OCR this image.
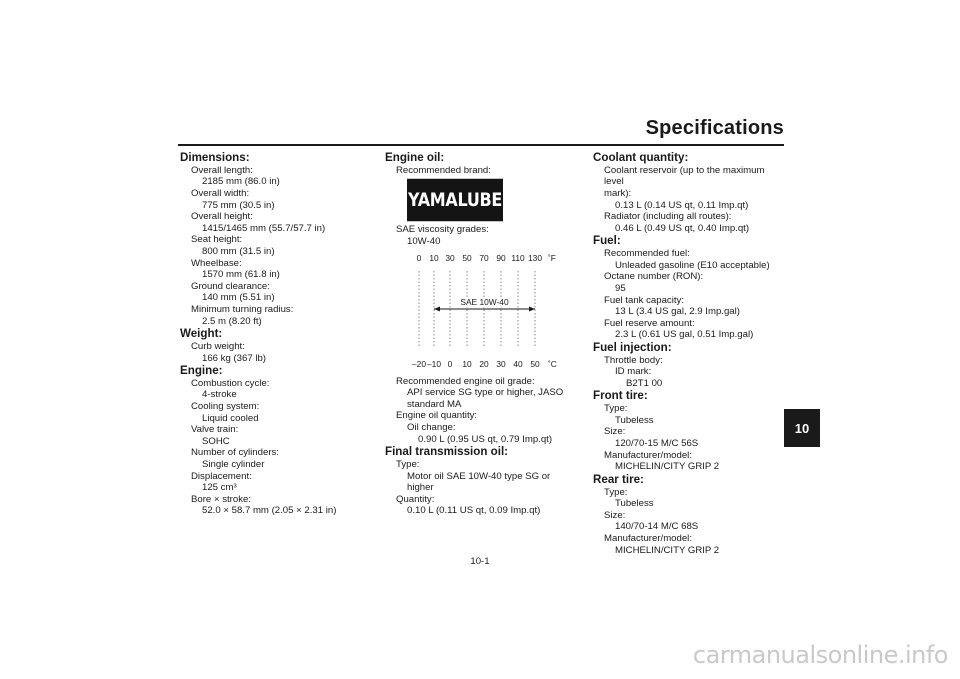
Specifications
10
Dimensions:
Overall length:
2185 mm (86.0 in)
Overall width:
775 mm (30.5 in)
Overall height:
1415/1465 mm (55.7/57.7 in)
Seat height:
800 mm (31.5 in)
Wheelbase:
1570 mm (61.8 in)
Ground clearance:
140 mm (5.51 in)
Minimum turning radius:
2.5 m (8.20 ft)
Weight:
Curb weight:
166 kg (367 lb)
Engine:
Combustion cycle:
4-stroke
Cooling system:
Liquid cooled
Valve train:
SOHC
Number of cylinders:
Single cylinder
Displacement:
125 cm³
Bore × stroke:
52.0 × 58.7 mm (2.05 × 2.31 in)
Engine oil:
Recommended brand:
YAMALUBE
SAE viscosity grades:
10W-40
0 10 30 50 70 90 110 130
–20 –10 0 10 20 30 40 50
˚F
˚C
SAE 10W-40
Recommended engine oil grade:
API service SG type or higher, JASO
standard MA
Engine oil quantity:
Oil change:
0.90 L (0.95 US qt, 0.79 Imp.qt)
Final transmission oil:
Type:
Motor oil SAE 10W-40 type SG or higher
Quantity:
0.10 L (0.11 US qt, 0.09 Imp.qt)
Coolant quantity:
Coolant reservoir (up to the maximum level
mark):
0.13 L (0.14 US qt, 0.11 Imp.qt)
Radiator (including all routes):
0.46 L (0.49 US qt, 0.40 Imp.qt)
Fuel:
Recommended fuel:
Unleaded gasoline (E10 acceptable)
Octane number (RON):
95
Fuel tank capacity:
13 L (3.4 US gal, 2.9 Imp.gal)
Fuel reserve amount:
2.3 L (0.61 US gal, 0.51 Imp.gal)
Fuel injection:
Throttle body:
ID mark:
B2T1 00
Front tire:
Type:
Tubeless
Size:
120/70-15 M/C 56S
Manufacturer/model:
MICHELIN/CITY GRIP 2
Rear tire:
Type:
Tubeless
Size:
140/70-14 M/C 68S
Manufacturer/model:
MICHELIN/CITY GRIP 2
10-1
carmanualsonline.info
